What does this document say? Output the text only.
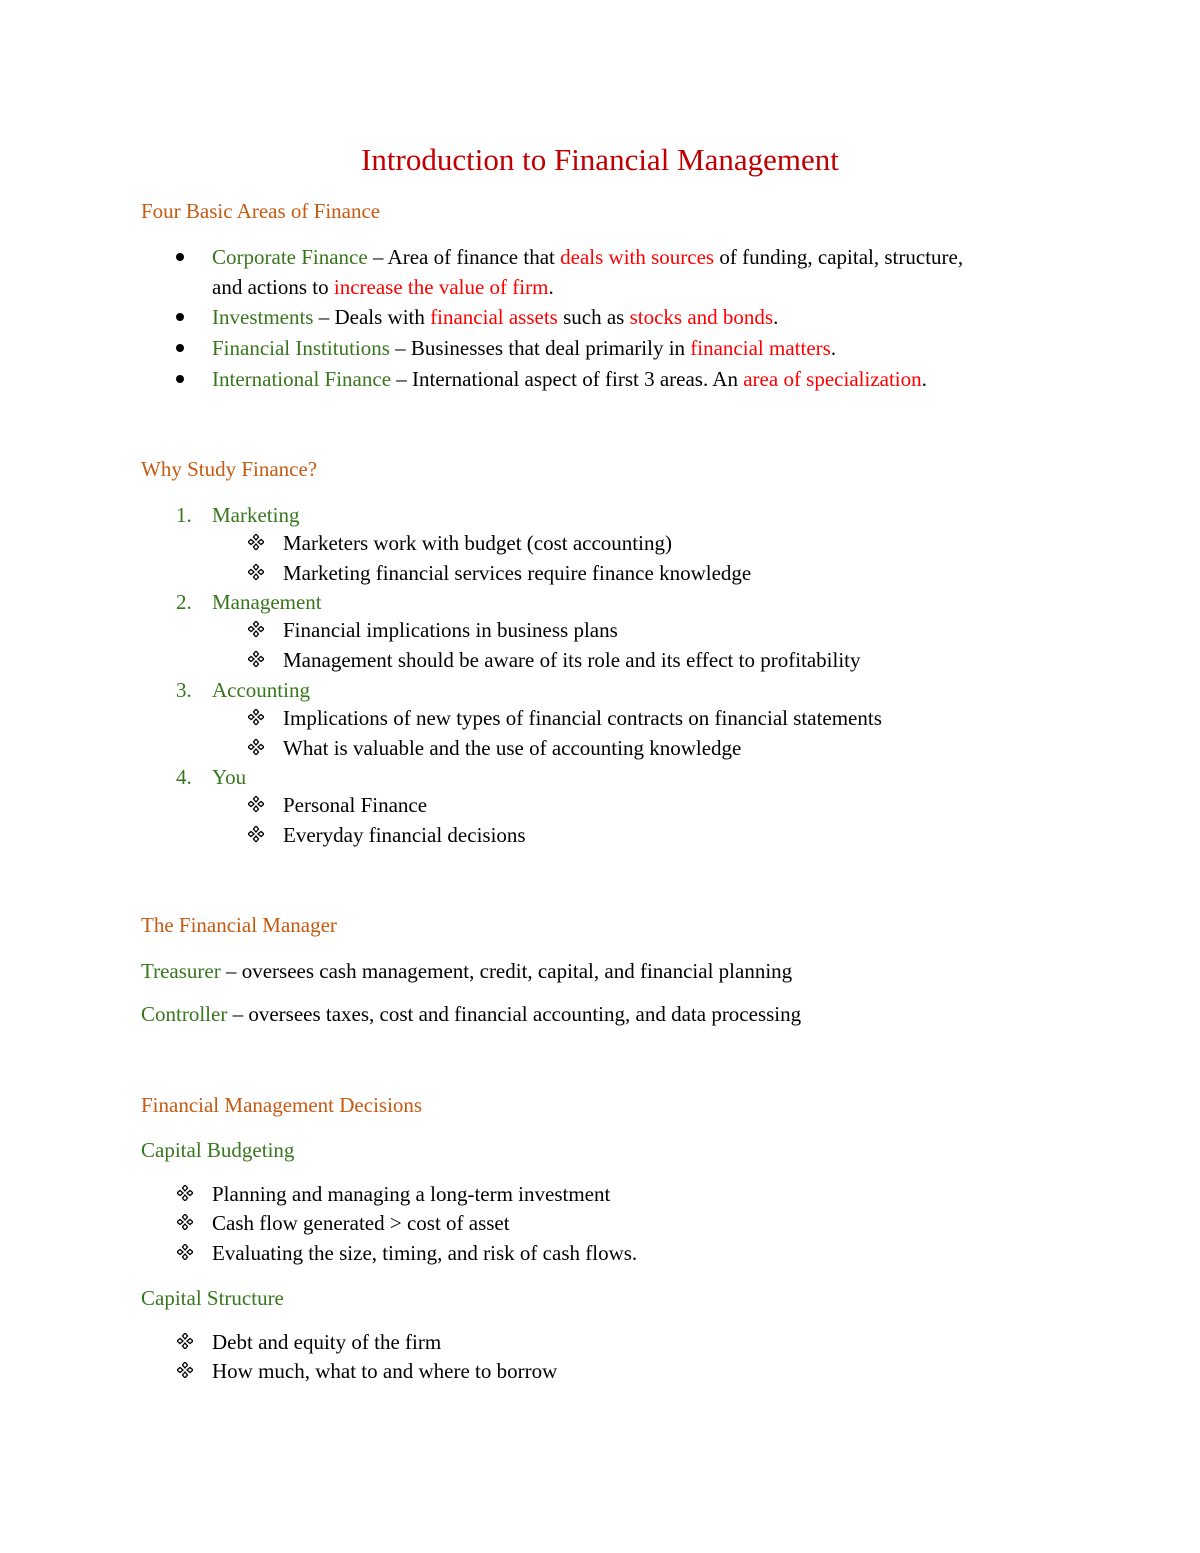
Introduction to Financial Management
Four Basic Areas of Finance
Corporate Finance – Area of finance that deals with sources of funding, capital, structure,
and actions to increase the value of firm.
Investments – Deals with financial assets such as stocks and bonds.
Financial Institutions – Businesses that deal primarily in financial matters.
International Finance – International aspect of first 3 areas. An area of specialization.
Why Study Finance?
1. Marketing
Marketers work with budget (cost accounting)
Marketing financial services require finance knowledge
2. Management
Financial implications in business plans
Management should be aware of its role and its effect to profitability
3. Accounting
Implications of new types of financial contracts on financial statements
What is valuable and the use of accounting knowledge
4. You
Personal Finance
Everyday financial decisions
The Financial Manager
Treasurer – oversees cash management, credit, capital, and financial planning
Controller – oversees taxes, cost and financial accounting, and data processing
Financial Management Decisions
Capital Budgeting
Planning and managing a long-term investment
Cash flow generated > cost of asset
Evaluating the size, timing, and risk of cash flows.
Capital Structure
Debt and equity of the firm
How much, what to and where to borrow
